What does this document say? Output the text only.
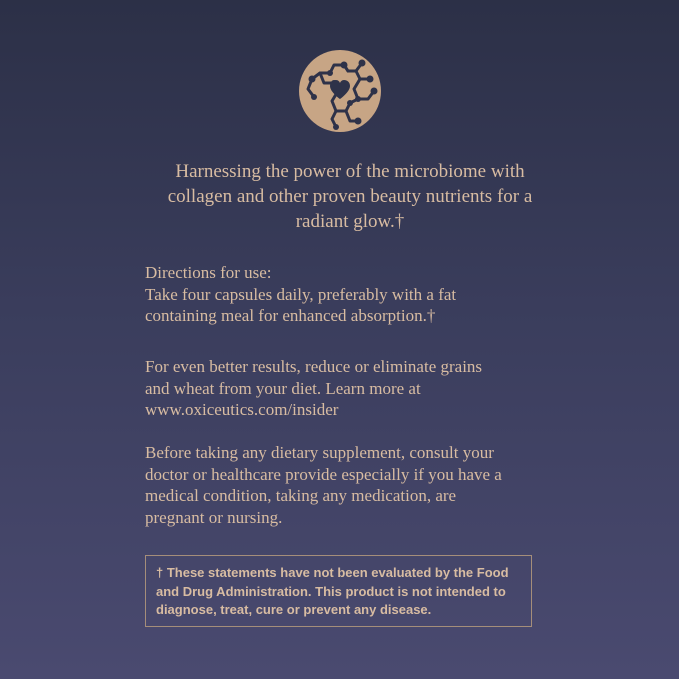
Harnessing the power of the microbiome with collagen and other proven beauty nutrients for a radiant glow.†
Directions for use:
Take four capsules daily, preferably with a fat
containing meal for enhanced absorption.†
For even better results, reduce or eliminate grains
and wheat from your diet. Learn more at
www.oxiceutics.com/insider
Before taking any dietary supplement, consult your
doctor or healthcare provide especially if you have a
medical condition, taking any medication, are
pregnant or nursing.
† These statements have not been evaluated by the Food
and Drug Administration. This product is not intended to
diagnose, treat, cure or prevent any disease.
